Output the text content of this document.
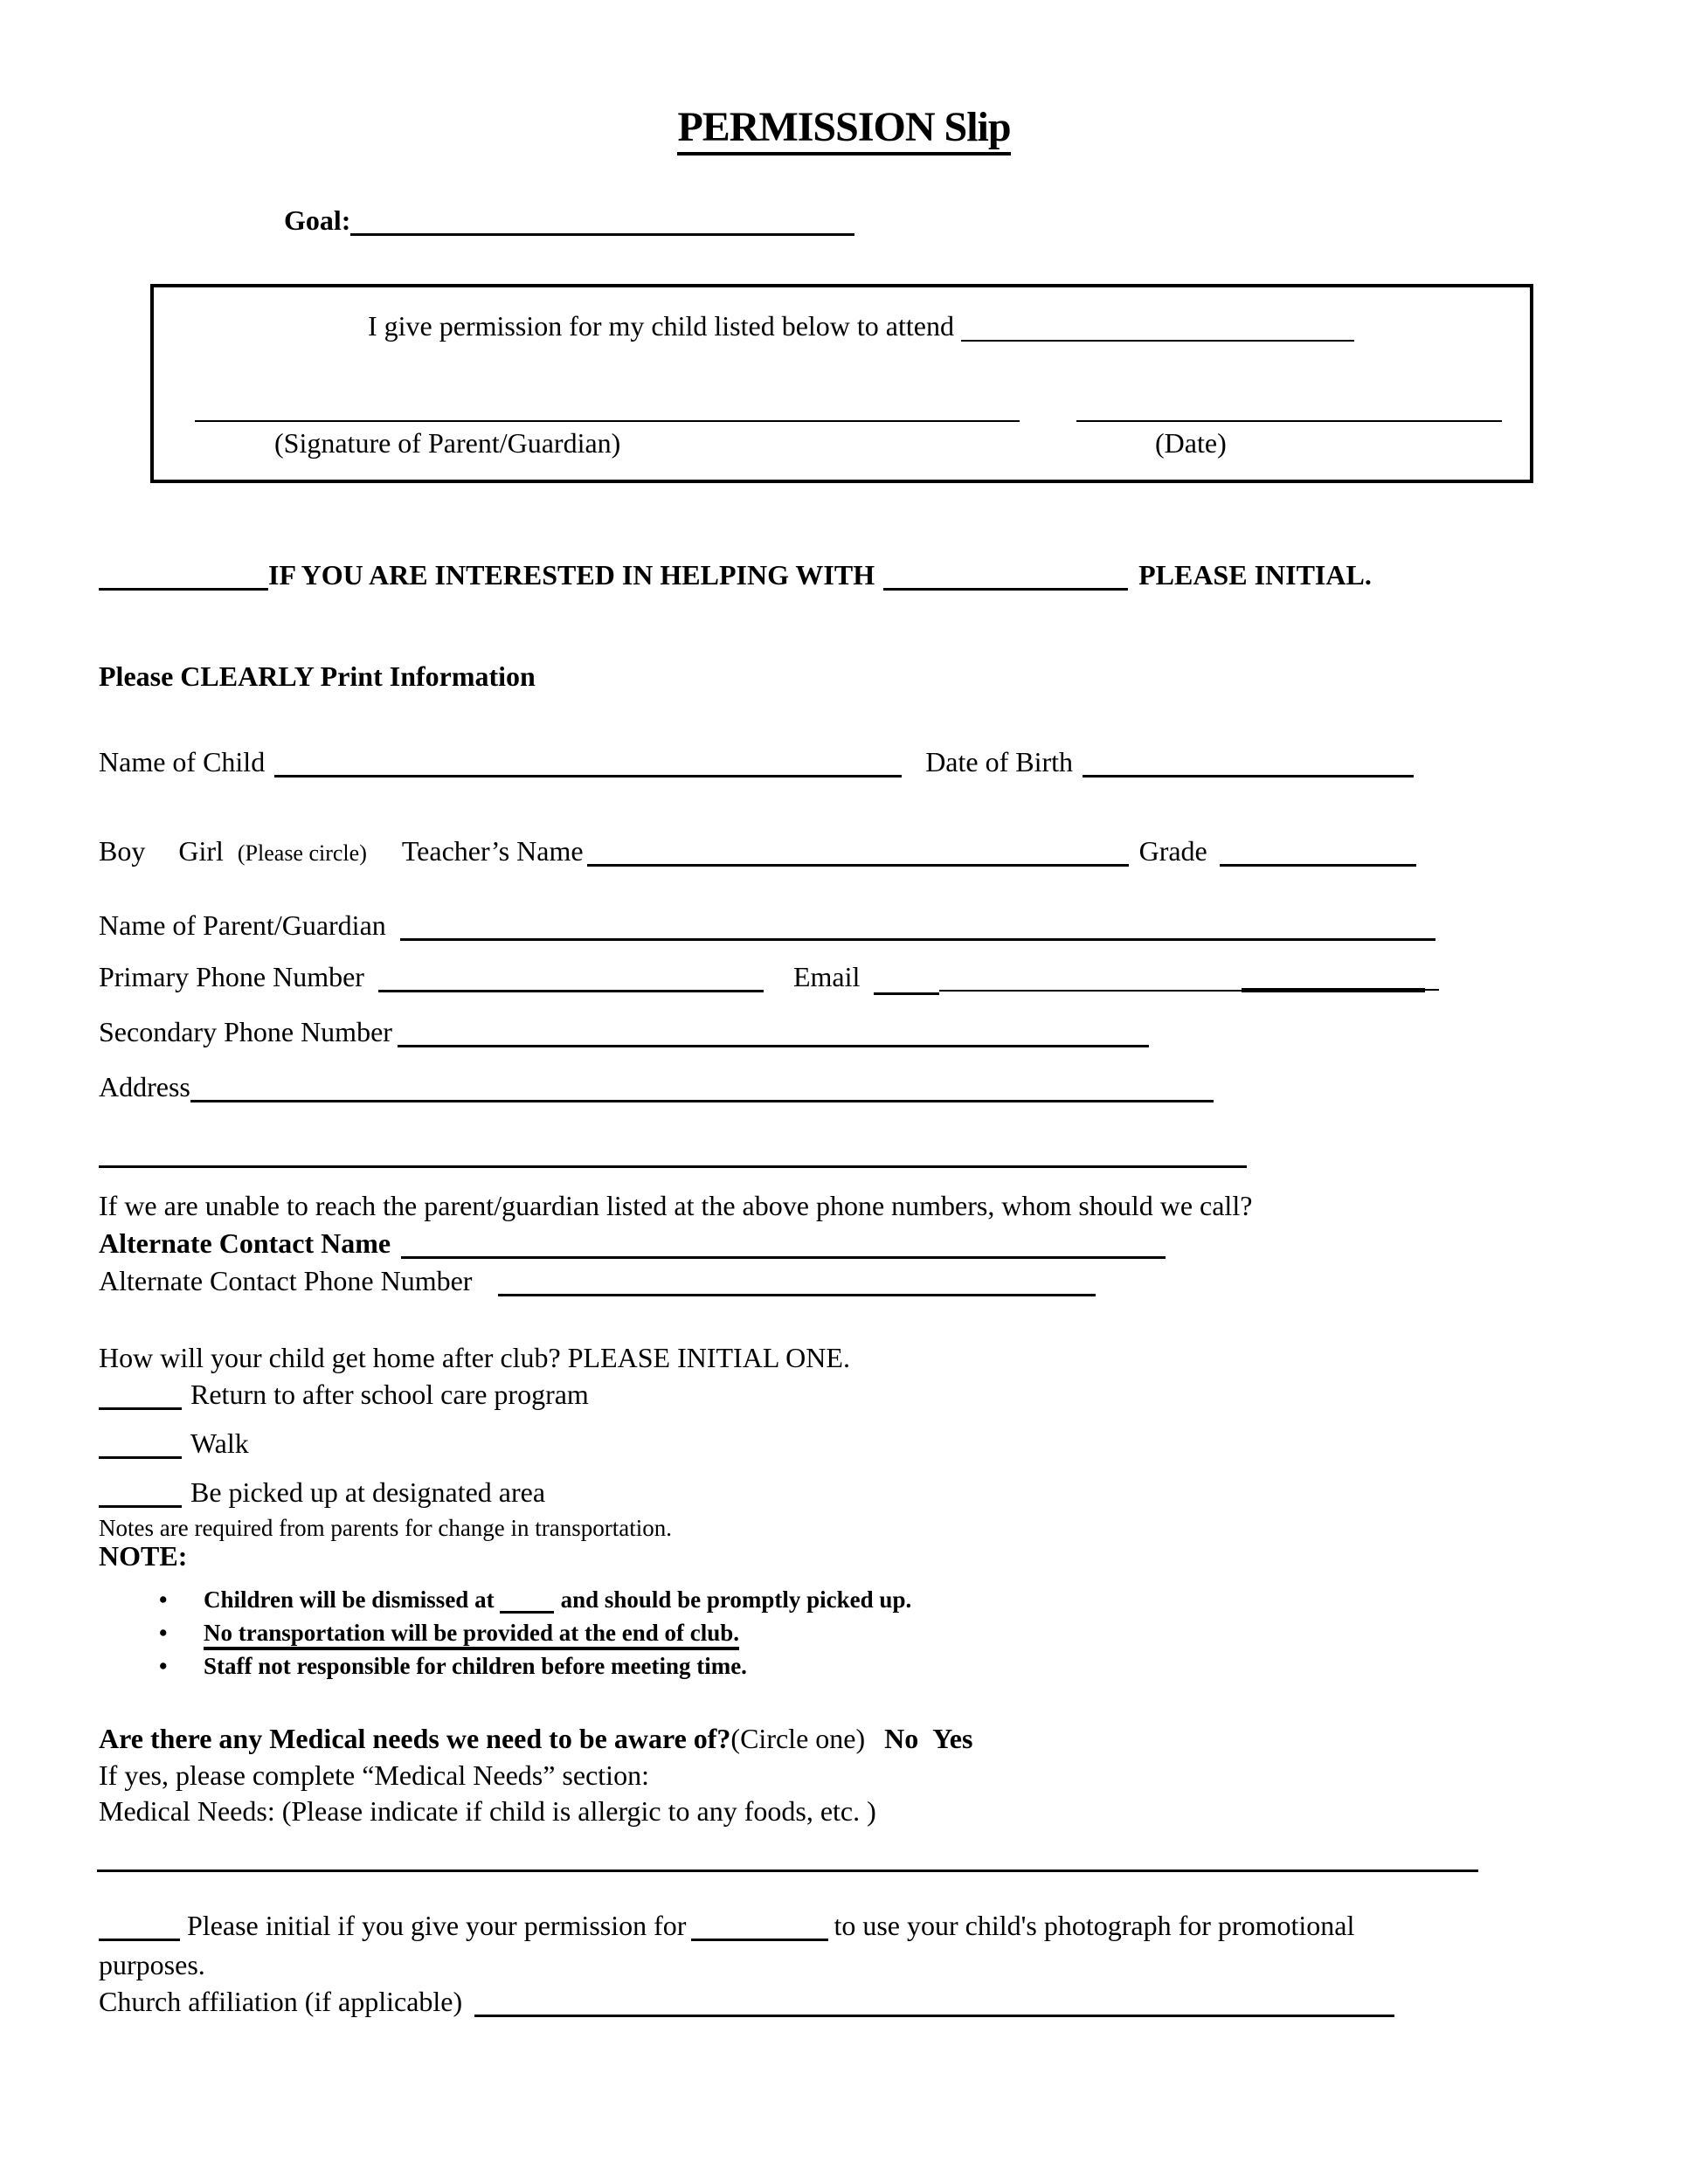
PERMISSION Slip
Goal:
I give permission for my child listed below to attend
(Signature of Parent/Guardian)	(Date)
IF YOU ARE INTERESTED IN HELPING WITH	PLEASE INITIAL.
Please CLEARLY Print Information
Name of Child	Date of Birth
Boy Girl (Please circle) Teacher’s Name	Grade
Name of Parent/Guardian
Primary Phone Number	Email
Secondary Phone Number
Address
If we are unable to reach the parent/guardian listed at the above phone numbers, whom should we call?
Alternate Contact Name
Alternate Contact Phone Number
How will your child get home after club? PLEASE INITIAL ONE.
Return to after school care program
Walk
Be picked up at designated area
Notes are required from parents for change in transportation.
NOTE:
• Children will be dismissed at	and should be promptly picked up.
• No transportation will be provided at the end of club.
• Staff not responsible for children before meeting time.
Are there any Medical needs we need to be aware of?(Circle one) No Yes
If yes, please complete “Medical Needs” section:
Medical Needs: (Please indicate if child is allergic to any foods, etc. )
Please initial if you give your permission for	to use your child's photograph for promotional
purposes.
Church affiliation (if applicable)
